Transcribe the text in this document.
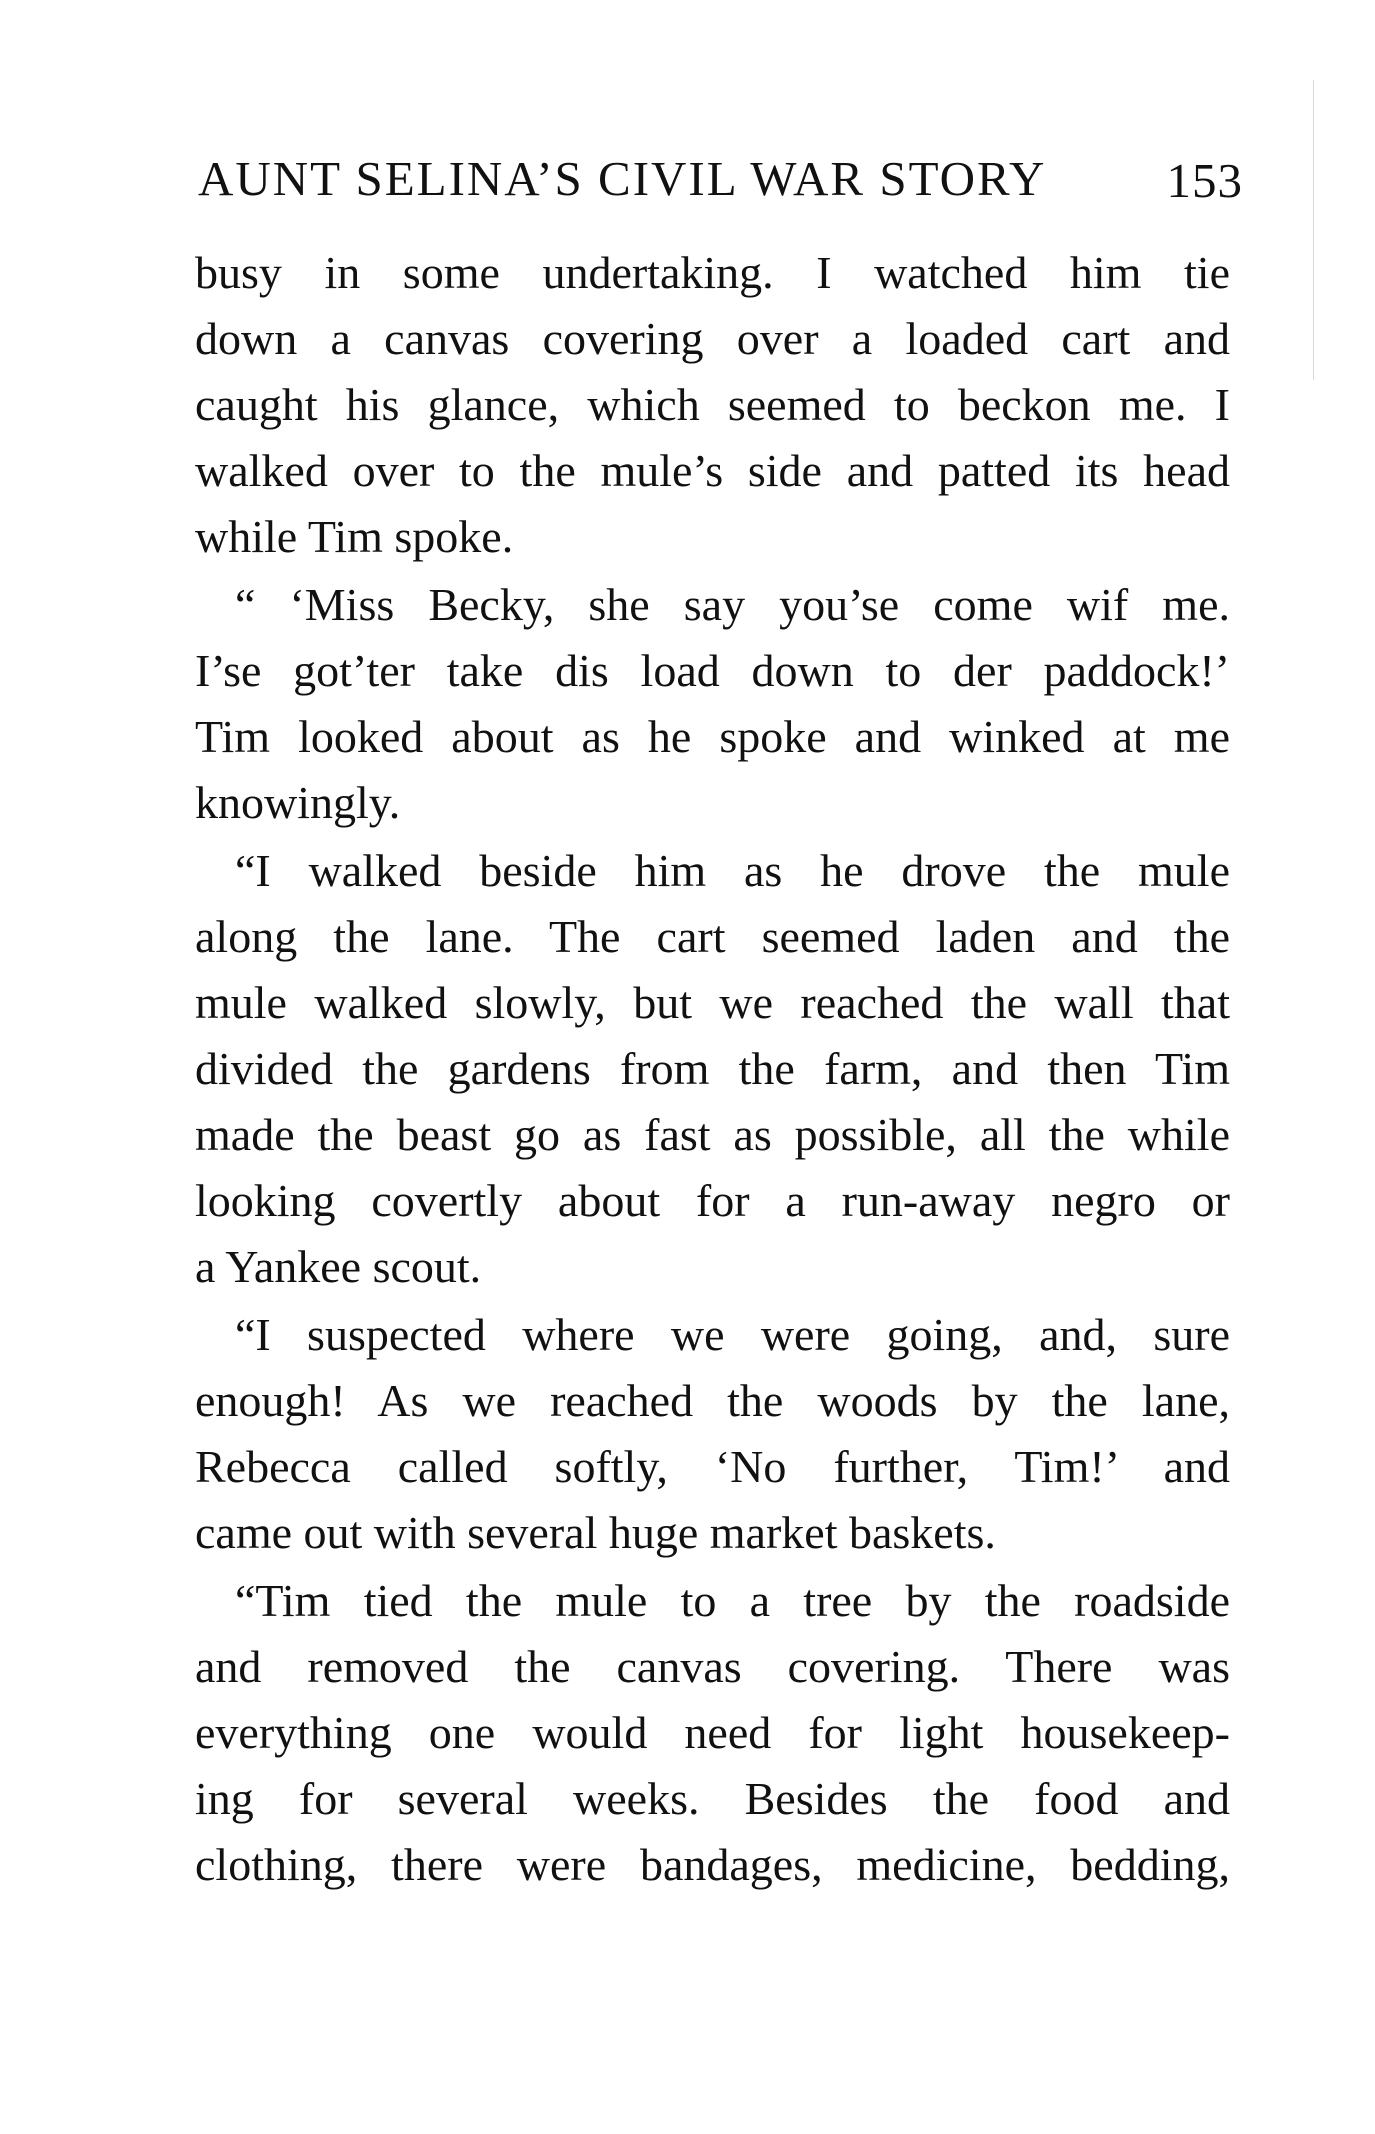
AUNT SELINA’S CIVIL WAR STORY 153
busy in some undertaking. I watched him tie
down a canvas covering over a loaded cart and
caught his glance, which seemed to beckon me. I
walked over to the mule’s side and patted its head
while Tim spoke.
“ ‘Miss Becky, she say you’se come wif me.
I’se got’ter take dis load down to der paddock!’
Tim looked about as he spoke and winked at me
knowingly.
“I walked beside him as he drove the mule
along the lane. The cart seemed laden and the
mule walked slowly, but we reached the wall that
divided the gardens from the farm, and then Tim
made the beast go as fast as possible, all the while
looking covertly about for a run-away negro or
a Yankee scout.
“I suspected where we were going, and, sure
enough! As we reached the woods by the lane,
Rebecca called softly, ‘No further, Tim!’ and
came out with several huge market baskets.
“Tim tied the mule to a tree by the roadside
and removed the canvas covering. There was
everything one would need for light housekeep-
ing for several weeks. Besides the food and
clothing, there were bandages, medicine, bedding,
